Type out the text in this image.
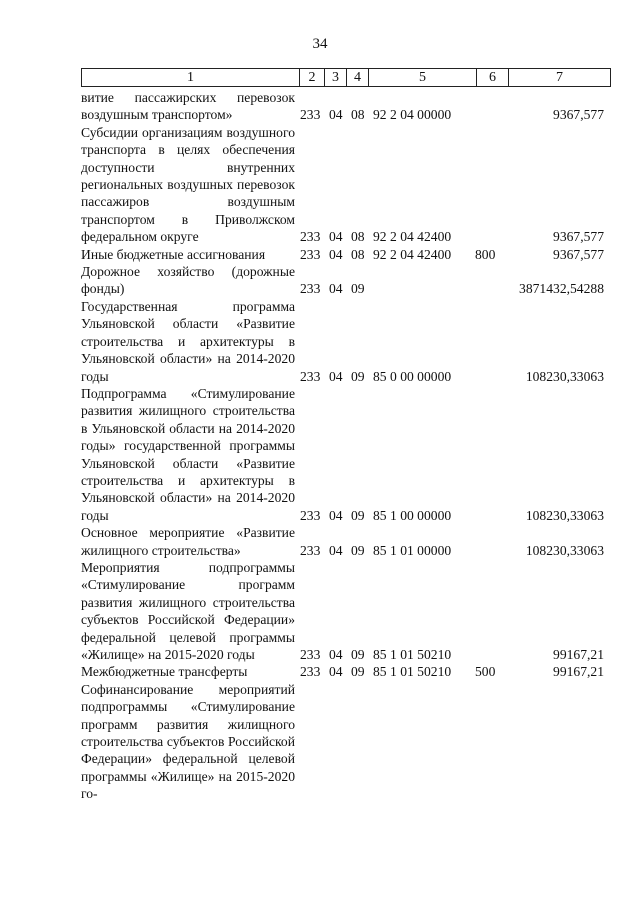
34
1	2	3	4	5	6	7
витие пассажирских перевозок воздушным транспортом»	233 04 08 92 2 04 00000	9367,577
Субсидии организациям воздушного транспорта в целях обеспечения доступности внутренних региональных воздушных перевозок пассажиров воздушным транспортом в Приволжском федеральном округе	233 04 08 92 2 04 42400	9367,577
Иные бюджетные ассигнования	233 04 08 92 2 04 42400	800	9367,577
Дорожное хозяйство (дорожные фонды)	233 04 09	3871432,54288
Государственная программа Ульяновской области «Развитие строительства и архитектуры в Ульяновской области» на 2014-2020 годы	233 04 09 85 0 00 00000	108230,33063
Подпрограмма «Стимулирование развития жилищного строительства в Ульяновской области на 2014-2020 годы» государственной программы Ульяновской области «Развитие строительства и архитектуры в Ульяновской области» на 2014-2020 годы	233 04 09 85 1 00 00000	108230,33063
Основное мероприятие «Развитие жилищного строительства»	233 04 09 85 1 01 00000	108230,33063
Мероприятия подпрограммы «Стимулирование программ развития жилищного строительства субъектов Российской Федерации» федеральной целевой программы «Жилище» на 2015-2020 годы	233 04 09 85 1 01 50210	99167,21
Межбюджетные трансферты	233 04 09 85 1 01 50210	500	99167,21
Софинансирование мероприятий подпрограммы «Стимулирование программ развития жилищного строительства субъектов Российской Федерации» федеральной целевой программы «Жилище» на 2015-2020 го-
